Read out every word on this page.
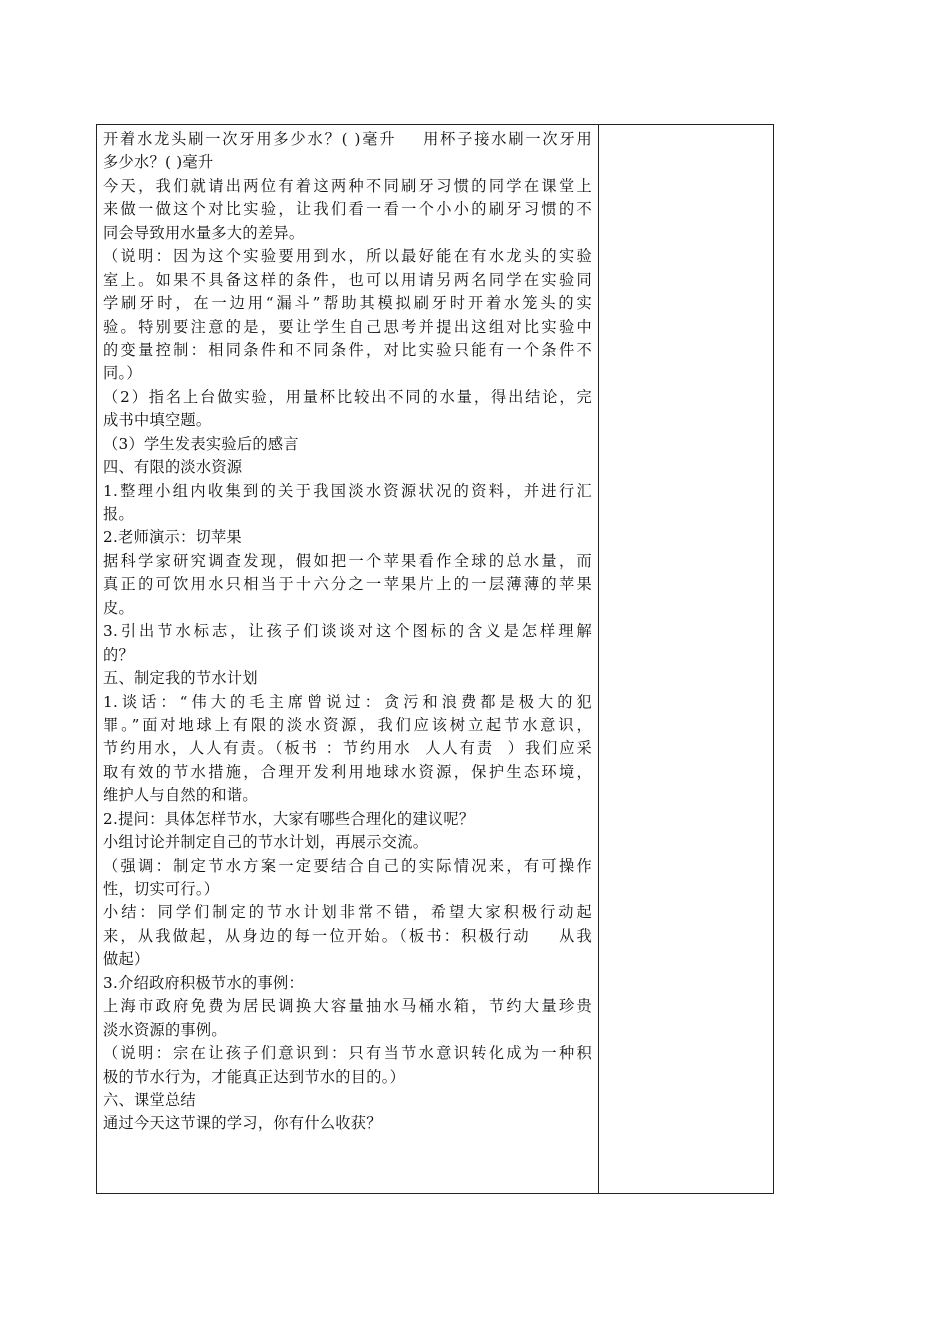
开着水龙头刷一次牙用多少水？( )毫升    用杯子接水刷一次牙用
多少水？( )毫升
今天，我们就请出两位有着这两种不同刷牙习惯的同学在课堂上
来做一做这个对比实验，让我们看一看一个小小的刷牙习惯的不
同会导致用水量多大的差异。
（说明：因为这个实验要用到水，所以最好能在有水龙头的实验
室上。如果不具备这样的条件，也可以用请另两名同学在实验同
学刷牙时，在一边用“漏斗”帮助其模拟刷牙时开着水笼头的实
验。特别要注意的是，要让学生自己思考并提出这组对比实验中
的变量控制：相同条件和不同条件，对比实验只能有一个条件不
同。）
（2）指名上台做实验，用量杯比较出不同的水量，得出结论，完
成书中填空题。
（3）学生发表实验后的感言
四、有限的淡水资源
1.整理小组内收集到的关于我国淡水资源状况的资料，并进行汇
报。
2.老师演示：切苹果
据科学家研究调查发现，假如把一个苹果看作全球的总水量，而
真正的可饮用水只相当于十六分之一苹果片上的一层薄薄的苹果
皮。
3.引出节水标志，让孩子们谈谈对这个图标的含义是怎样理解
的？
五、制定我的节水计划
1.谈话：“伟大的毛主席曾说过：贪污和浪费都是极大的犯
罪。”面对地球上有限的淡水资源，我们应该树立起节水意识，
节约用水，人人有责。（板书 ：节约用水  人人有责  ）我们应采
取有效的节水措施，合理开发利用地球水资源，保护生态环境，
维护人与自然的和谐。
2.提问：具体怎样节水，大家有哪些合理化的建议呢？
小组讨论并制定自己的节水计划，再展示交流。
（强调：制定节水方案一定要结合自己的实际情况来，有可操作
性，切实可行。）
小结：同学们制定的节水计划非常不错，希望大家积极行动起
来，从我做起，从身边的每一位开始。（板书：积极行动    从我
做起）
3.介绍政府积极节水的事例：
上海市政府免费为居民调换大容量抽水马桶水箱，节约大量珍贵
淡水资源的事例。
（说明：宗在让孩子们意识到：只有当节水意识转化成为一种积
极的节水行为，才能真正达到节水的目的。）
六、课堂总结
通过今天这节课的学习，你有什么收获？
